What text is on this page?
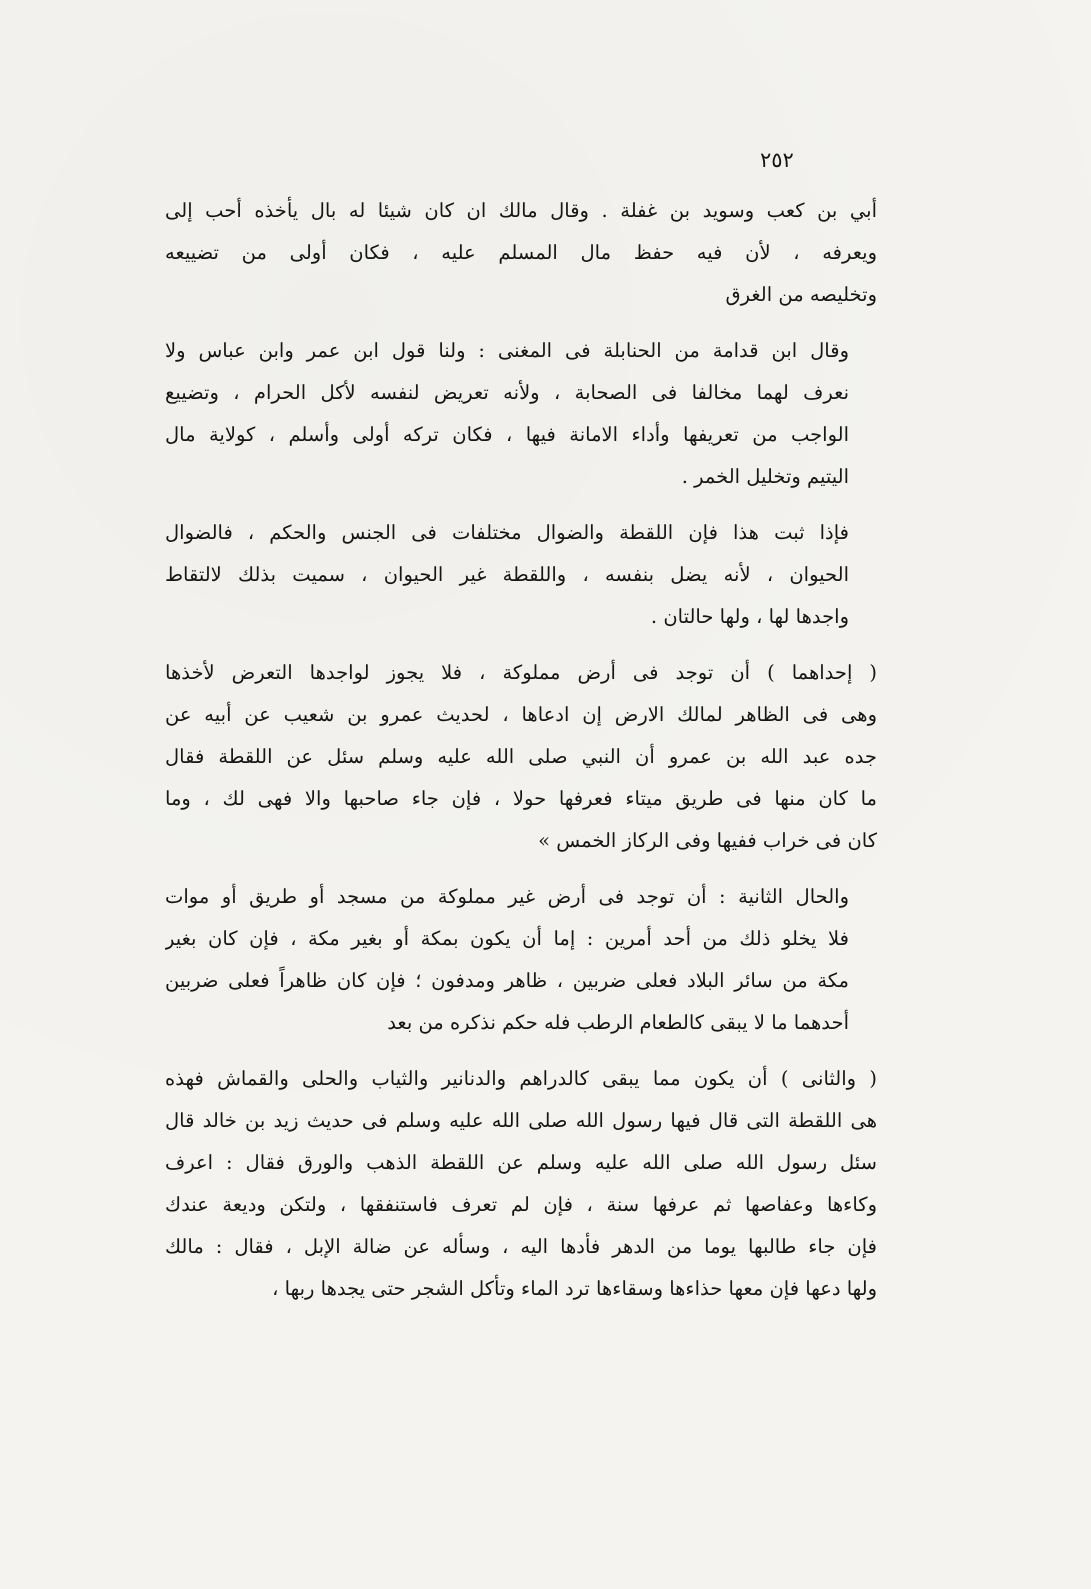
٢٥٢
أبي بن كعب وسويد بن غفلة . وقال مالك ان كان شيئا له بال يأخذه أحب إلى
ويعرفه ، لأن فيه حفظ مال المسلم عليه ، فكان أولى من تضييعه
وتخليصه من الغرق
وقال ابن قدامة من الحنابلة فى المغنى : ولنا قول ابن عمر وابن عباس ولا
نعرف لهما مخالفا فى الصحابة ، ولأنه تعريض لنفسه لأكل الحرام ، وتضييع
الواجب من تعريفها وأداء الامانة فيها ، فكان تركه أولى وأسلم ، كولاية مال
اليتيم وتخليل الخمر .
فإذا ثبت هذا فإن اللقطة والضوال مختلفات فى الجنس والحكم ، فالضوال
الحيوان ، لأنه يضل بنفسه ، واللقطة غير الحيوان ، سميت بذلك لالتقاط
واجدها لها ، ولها حالتان .
( إحداهما ) أن توجد فى أرض مملوكة ، فلا يجوز لواجدها التعرض لأخذها
وهى فى الظاهر لمالك الارض إن ادعاها ، لحديث عمرو بن شعيب عن أبيه عن
جده عبد الله بن عمرو أن النبي صلى الله عليه وسلم سئل عن اللقطة فقال
ما كان منها فى طريق ميتاء فعرفها حولا ، فإن جاء صاحبها والا فهى لك ، وما
كان فى خراب ففيها وفى الركاز الخمس »
والحال الثانية : أن توجد فى أرض غير مملوكة من مسجد أو طريق أو موات
فلا يخلو ذلك من أحد أمرين : إما أن يكون بمكة أو بغير مكة ، فإن كان بغير
مكة من سائر البلاد فعلى ضربين ، ظاهر ومدفون ؛ فإن كان ظاهراً فعلى ضربين
أحدهما ما لا يبقى كالطعام الرطب فله حكم نذكره من بعد
( والثانى ) أن يكون مما يبقى كالدراهم والدنانير والثياب والحلى والقماش فهذه
هى اللقطة التى قال فيها رسول الله صلى الله عليه وسلم فى حديث زيد بن خالد قال
سئل رسول الله صلى الله عليه وسلم عن اللقطة الذهب والورق فقال : اعرف
وكاءها وعفاصها ثم عرفها سنة ، فإن لم تعرف فاستنفقها ، ولتكن وديعة عندك
فإن جاء طالبها يوما من الدهر فأدها اليه ، وسأله عن ضالة الإبل ، فقال : مالك
ولها دعها فإن معها حذاءها وسقاءها ترد الماء وتأكل الشجر حتى يجدها ربها ،
